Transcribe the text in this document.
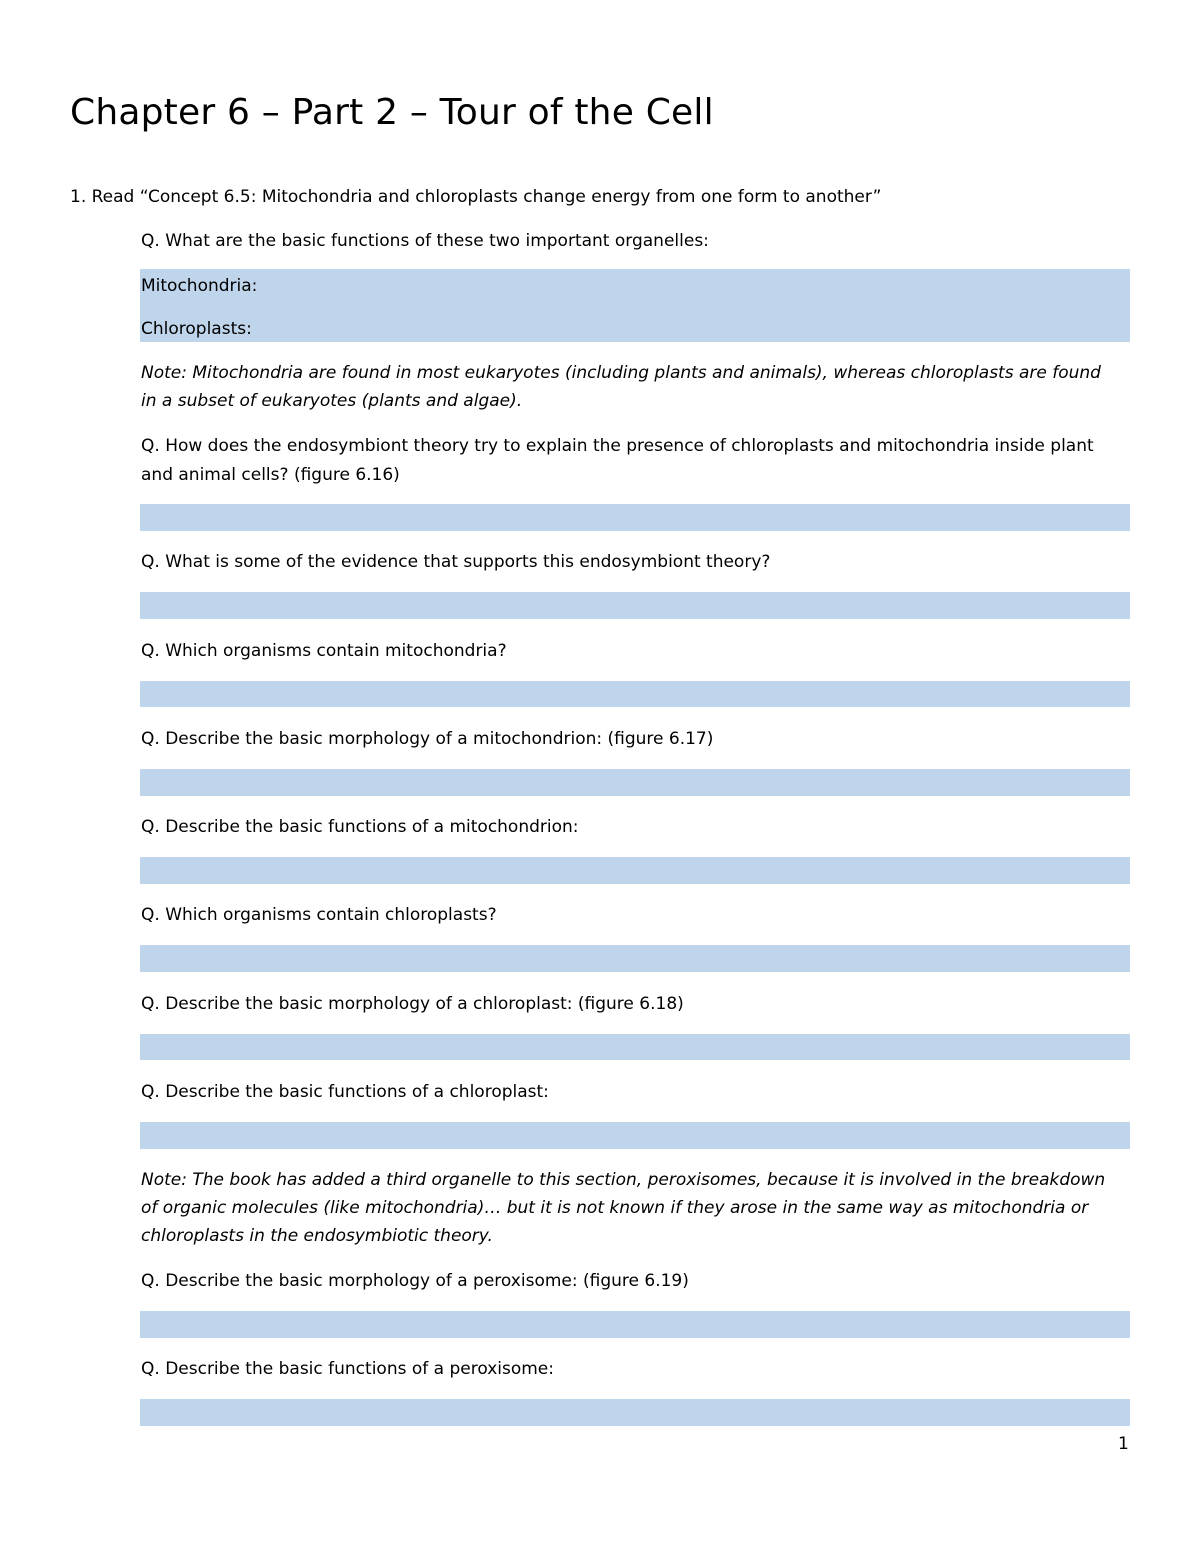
Chapter 6 – Part 2 – Tour of the Cell
1. Read “Concept 6.5: Mitochondria and chloroplasts change energy from one form to another”
Q. What are the basic functions of these two important organelles:
Mitochondria:
Chloroplasts:
Note: Mitochondria are found in most eukaryotes (including plants and animals), whereas chloroplasts are found
in a subset of eukaryotes (plants and algae).
Q. How does the endosymbiont theory try to explain the presence of chloroplasts and mitochondria inside plant
and animal cells? (figure 6.16)
Q. What is some of the evidence that supports this endosymbiont theory?
Q. Which organisms contain mitochondria?
Q. Describe the basic morphology of a mitochondrion: (figure 6.17)
Q. Describe the basic functions of a mitochondrion:
Q. Which organisms contain chloroplasts?
Q. Describe the basic morphology of a chloroplast: (figure 6.18)
Q. Describe the basic functions of a chloroplast:
Note: The book has added a third organelle to this section, peroxisomes, because it is involved in the breakdown
of organic molecules (like mitochondria)… but it is not known if they arose in the same way as mitochondria or
chloroplasts in the endosymbiotic theory.
Q. Describe the basic morphology of a peroxisome: (figure 6.19)
Q. Describe the basic functions of a peroxisome:
1
